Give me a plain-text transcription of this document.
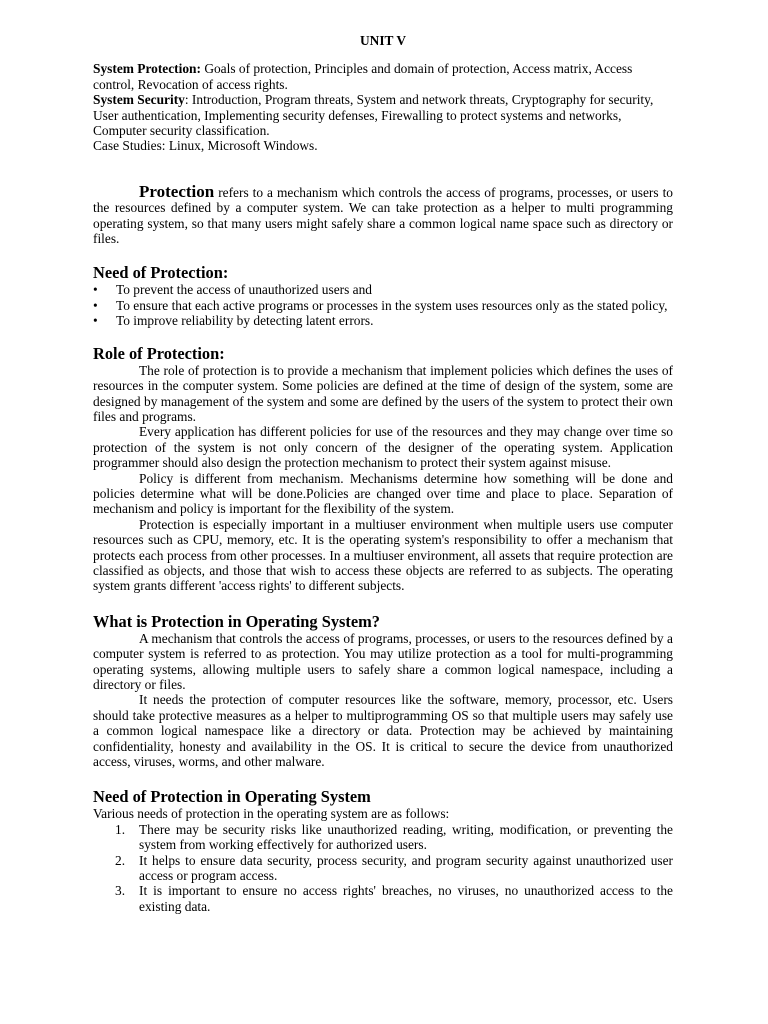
UNIT V

System Protection: Goals of protection, Principles and domain of protection, Access matrix, Access control, Revocation of access rights.

System Security: Introduction, Program threats, System and network threats, Cryptography for security, User authentication, Implementing security defenses, Firewalling to protect systems and networks, Computer security classification.

Case Studies: Linux, Microsoft Windows.

Protection refers to a mechanism which controls the access of programs, processes, or users to the resources defined by a computer system. We can take protection as a helper to multi programming operating system, so that many users might safely share a common logical name space such as directory or files.

Need of Protection:
• To prevent the access of unauthorized users and
• To ensure that each active programs or processes in the system uses resources only as the stated policy,
• To improve reliability by detecting latent errors.
Role of Protection:

The role of protection is to provide a mechanism that implement policies which defines the uses of resources in the computer system. Some policies are defined at the time of design of the system, some are designed by management of the system and some are defined by the users of the system to protect their own files and programs.

Every application has different policies for use of the resources and they may change over time so protection of the system is not only concern of the designer of the operating system. Application programmer should also design the protection mechanism to protect their system against misuse.

Policy is different from mechanism. Mechanisms determine how something will be done and policies determine what will be done.Policies are changed over time and place to place. Separation of mechanism and policy is important for the flexibility of the system.

Protection is especially important in a multiuser environment when multiple users use computer resources such as CPU, memory, etc. It is the operating system's responsibility to offer a mechanism that protects each process from other processes. In a multiuser environment, all assets that require protection are classified as objects, and those that wish to access these objects are referred to as subjects. The operating system grants different 'access rights' to different subjects.

What is Protection in Operating System?

A mechanism that controls the access of programs, processes, or users to the resources defined by a computer system is referred to as protection. You may utilize protection as a tool for multi-programming operating systems, allowing multiple users to safely share a common logical namespace, including a directory or files.

It needs the protection of computer resources like the software, memory, processor, etc. Users should take protective measures as a helper to multiprogramming OS so that multiple users may safely use a common logical namespace like a directory or data. Protection may be achieved by maintaining confidentiality, honesty and availability in the OS. It is critical to secure the device from unauthorized access, viruses, worms, and other malware.

Need of Protection in Operating System

Various needs of protection in the operating system are as follows:

1. There may be security risks like unauthorized reading, writing, modification, or preventing the system from working effectively for authorized users.
2. It helps to ensure data security, process security, and program security against unauthorized user access or program access.
3. It is important to ensure no access rights' breaches, no viruses, no unauthorized access to the existing data.
